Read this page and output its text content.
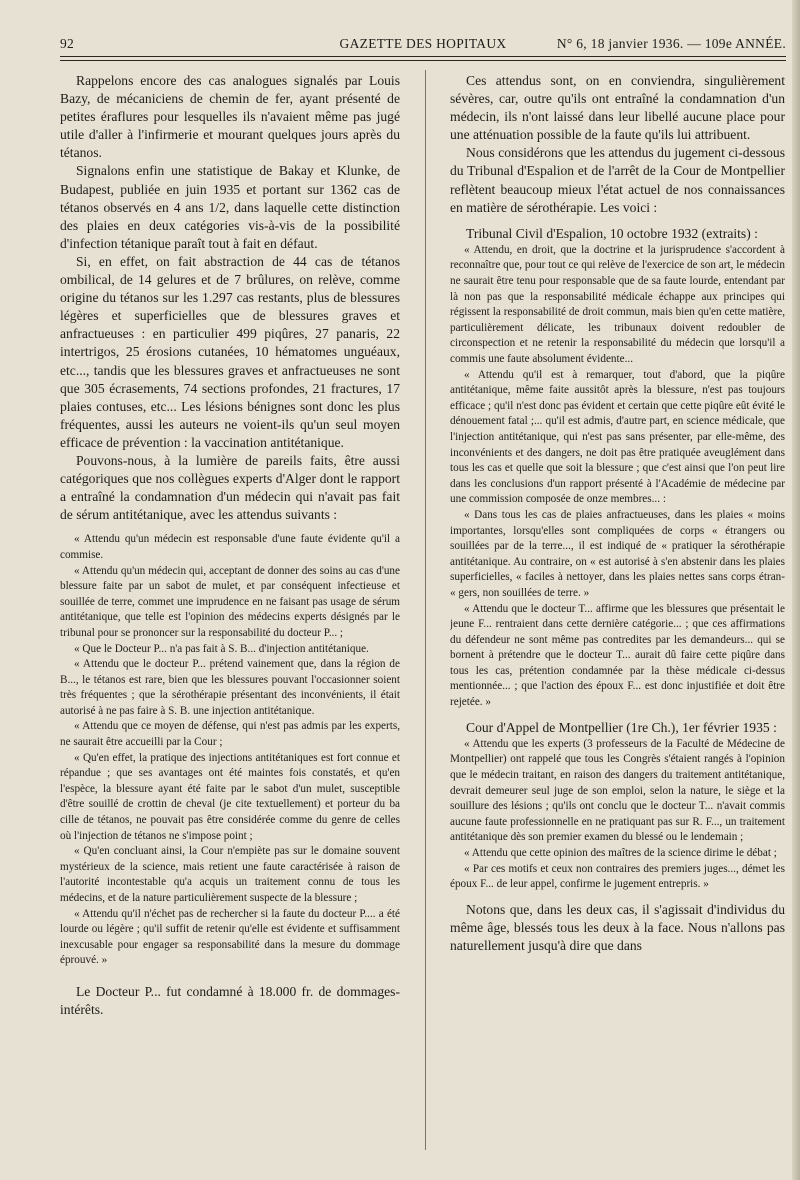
92	GAZETTE DES HOPITAUX	N° 6, 18 janvier 1936. — 109e ANNÉE.

Rappelons encore des cas analogues signalés par Louis Bazy, de mécaniciens de chemin de fer, ayant présenté de petites éraflures pour lesquelles ils n'avaient même pas jugé utile d'aller à l'infirmerie et mourant quelques jours après du tétanos.

Signalons enfin une statistique de Bakay et Klunke, de Budapest, publiée en juin 1935 et portant sur 1362 cas de tétanos observés en 4 ans 1/2, dans laquelle cette distinction des plaies en deux catégories vis-à-vis de la possibilité d'infection tétanique paraît tout à fait en défaut.

Si, en effet, on fait abstraction de 44 cas de tétanos ombilical, de 14 gelures et de 7 brûlures, on relève, comme origine du tétanos sur les 1.297 cas restants, plus de blessures légères et superficielles que de blessures graves et anfractueuses : en particulier 499 piqûres, 27 panaris, 22 intertrigos, 25 érosions cutanées, 10 hématomes unguéaux, etc..., tandis que les blessures graves et anfractueuses ne sont que 305 écrasements, 74 sections profondes, 21 fractures, 17 plaies contuses, etc... Les lésions bénignes sont donc les plus fréquentes, aussi les auteurs ne voient-ils qu'un seul moyen efficace de prévention : la vaccination antitétanique.

Pouvons-nous, à la lumière de pareils faits, être aussi catégoriques que nos collègues experts d'Alger dont le rapport a entraîné la condamnation d'un médecin qui n'avait pas fait de sérum antitétanique, avec les attendus suivants :

« Attendu qu'un médecin est responsable d'une faute évidente qu'il a commise.

« Attendu qu'un médecin qui, acceptant de donner des soins au cas d'une blessure faite par un sabot de mulet, et par conséquent infectieuse et souillée de terre, commet une imprudence en ne faisant pas usage de sérum antitétanique, que telle est l'opinion des médecins experts désignés par le tribunal pour se prononcer sur la responsabilité du docteur P... ;

« Que le Docteur P... n'a pas fait à S. B... d'injection antitétanique.

« Attendu que le docteur P... prétend vainement que, dans la région de B..., le tétanos est rare, bien que les blessures pouvant l'occasionner soient très fréquentes ; que la sérothérapie présentant des inconvénients, il était autorisé à ne pas faire à S. B. une injection antitétanique.

« Attendu que ce moyen de défense, qui n'est pas admis par les experts, ne saurait être accueilli par la Cour ;

« Qu'en effet, la pratique des injections antitétaniques est fort connue et répandue ; que ses avantages ont été maintes fois constatés, et qu'en l'espèce, la blessure ayant été faite par le sabot d'un mulet, susceptible d'être souillé de crottin de cheval (je cite textuellement) et porteur du ba cille de tétanos, ne pouvait pas être considérée comme du genre de celles où l'injection de tétanos ne s'impose point ;

« Qu'en concluant ainsi, la Cour n'empiète pas sur le domaine souvent mystérieux de la science, mais retient une faute caractérisée à raison de l'autorité incontestable qu'a acquis un traitement connu de tous les médecins, et de la nature particulièrement suspecte de la blessure ;

« Attendu qu'il n'échet pas de rechercher si la faute du docteur P.... a été lourde ou légère ; qu'il suffit de retenir qu'elle est évidente et suffisamment inexcusable pour engager sa responsabilité dans la mesure du dommage éprouvé. »

Le Docteur P... fut condamné à 18.000 fr. de dommages-intérêts.

Ces attendus sont, on en conviendra, singulièrement sévères, car, outre qu'ils ont entraîné la condamnation d'un médecin, ils n'ont laissé dans leur libellé aucune place pour une atténuation possible de la faute qu'ils lui attribuent.

Nous considérons que les attendus du jugement ci-dessous du Tribunal d'Espalion et de l'arrêt de la Cour de Montpellier reflètent beaucoup mieux l'état actuel de nos connaissances en matière de sérothérapie. Les voici :

Tribunal Civil d'Espalion, 10 octobre 1932 (extraits) :

« Attendu, en droit, que la doctrine et la jurisprudence s'accordent à reconnaître que, pour tout ce qui relève de l'exercice de son art, le médecin ne saurait être tenu pour responsable que de sa faute lourde, entendant par là non pas que la responsabilité médicale échappe aux principes qui régissent la responsabilité de droit commun, mais bien qu'en cette matière, particulièrement délicate, les tribunaux doivent redoubler de circonspection et ne retenir la responsabilité du médecin que lorsqu'il a commis une faute absolument évidente...

« Attendu qu'il est à remarquer, tout d'abord, que la piqûre antitétanique, même faite aussitôt après la blessure, n'est pas toujours efficace ; qu'il n'est donc pas évident et certain que cette piqûre eût évité le dénouement fatal ;... qu'il est admis, d'autre part, en science médicale, que l'injection antitétanique, qui n'est pas sans présenter, par elle-même, des inconvénients et des dangers, ne doit pas être pratiquée aveuglément dans tous les cas et quelle que soit la blessure ; que c'est ainsi que l'on peut lire dans les conclusions d'un rapport présenté à l'Académie de médecine par une commission composée de onze membres... :

« Dans tous les cas de plaies anfractueuses, dans les plaies « moins importantes, lorsqu'elles sont compliquées de corps « étrangers ou souillées par de la terre..., il est indiqué de « pratiquer la sérothérapie antitétanique. Au contraire, on « est autorisé à s'en abstenir dans les plaies superficielles, « faciles à nettoyer, dans les plaies nettes sans corps étran- « gers, non souillées de terre. »

« Attendu que le docteur T... affirme que les blessures que présentait le jeune F... rentraient dans cette dernière catégorie... ; que ces affirmations du défendeur ne sont même pas contredites par les demandeurs... qui se bornent à prétendre que le docteur T... aurait dû faire cette piqûre dans tous les cas, prétention condamnée par la thèse médicale ci-dessus mentionnée... ; que l'action des époux F... est donc injustifiée et doit être rejetée. »

Cour d'Appel de Montpellier (1re Ch.), 1er février 1935 :

« Attendu que les experts (3 professeurs de la Faculté de Médecine de Montpellier) ont rappelé que tous les Congrès s'étaient rangés à l'opinion que le médecin traitant, en raison des dangers du traitement antitétanique, devrait demeurer seul juge de son emploi, selon la nature, le siège et la souillure des lésions ; qu'ils ont conclu que le docteur T... n'avait commis aucune faute professionnelle en ne pratiquant pas sur R. F..., un traitement antitétanique dès son premier examen du blessé ou le lendemain ;

« Attendu que cette opinion des maîtres de la science dirime le débat ;

« Par ces motifs et ceux non contraires des premiers juges..., démet les époux F... de leur appel, confirme le jugement entrepris. »

Notons que, dans les deux cas, il s'agissait d'individus du même âge, blessés tous les deux à la face. Nous n'allons pas naturellement jusqu'à dire que dans
